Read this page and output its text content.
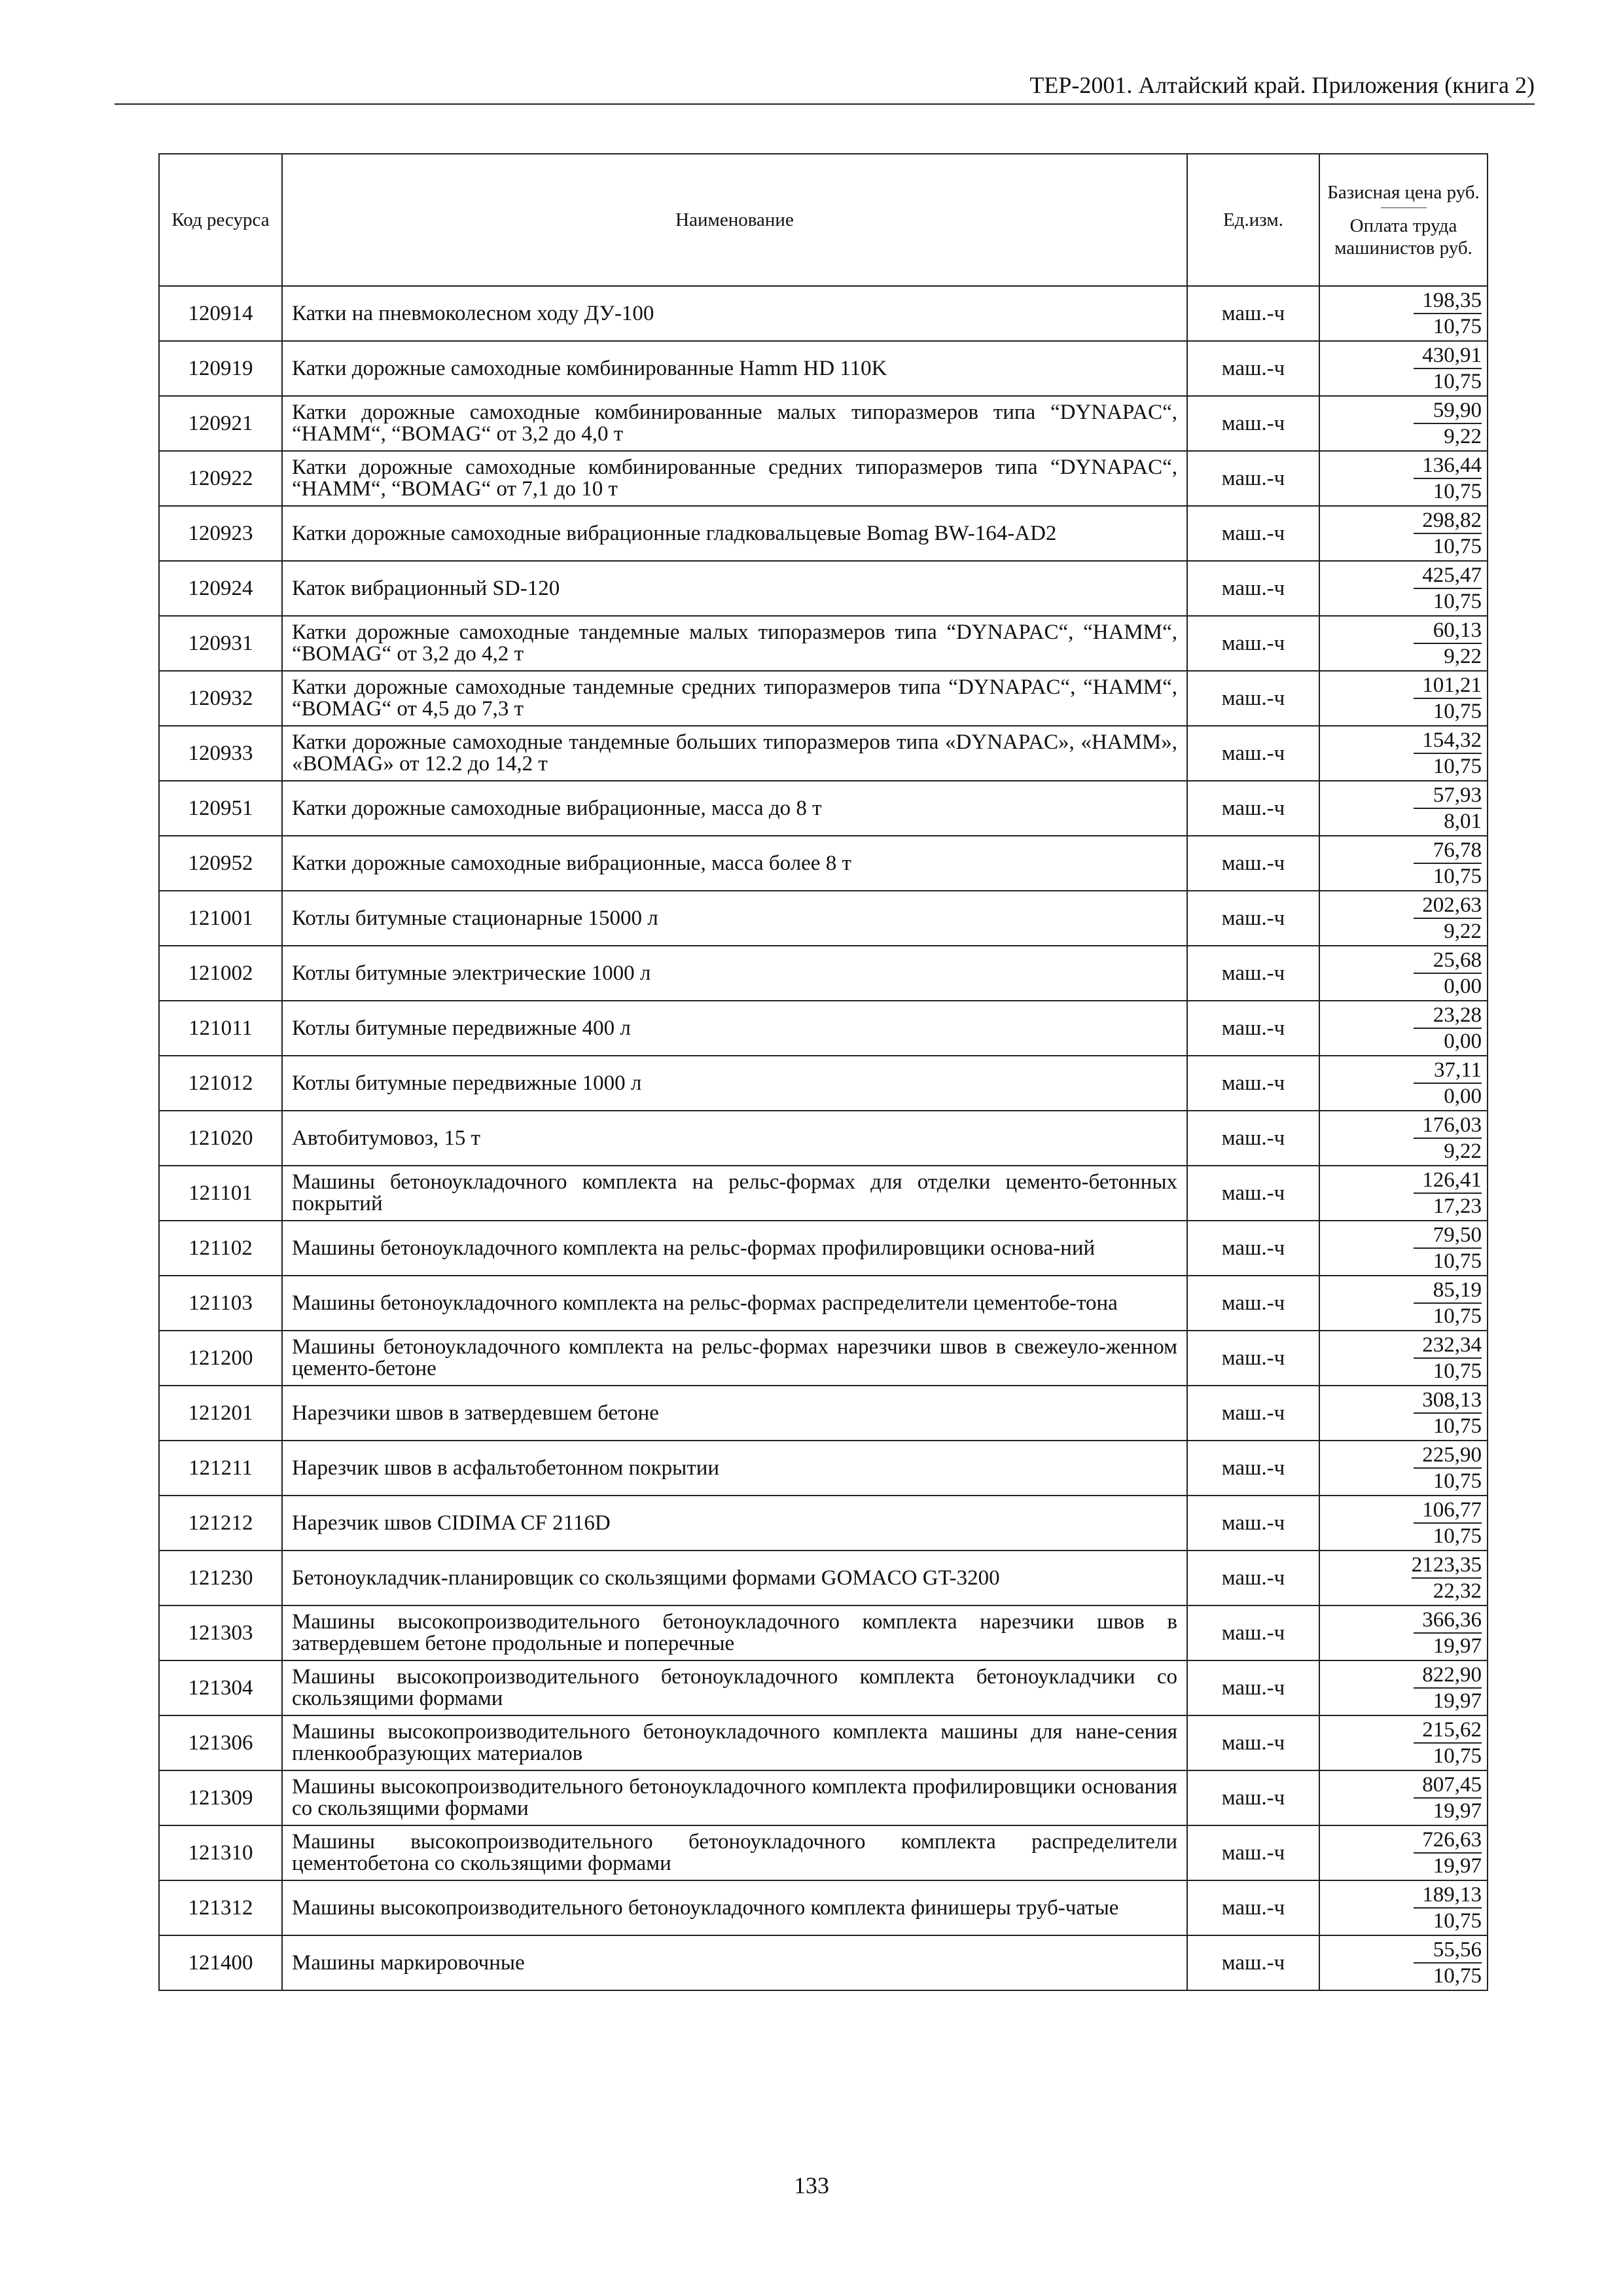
ТЕР-2001. Алтайский край. Приложения (книга 2)
Код ресурса	Наименование	Ед.изм.	Базисная цена руб.
Оплата труда машинистов руб.

120914	Катки на пневмоколесном ходу ДУ-100	маш.-ч	198,35
10,75

120919	Катки дорожные самоходные комбинированные Hamm HD 110K	маш.-ч	430,91
10,75

120921	Катки дорожные самоходные комбинированные малых типоразмеров типа “DYNAPAC“, “HAMM“, “BOMAG“ от 3,2 до 4,0 т	маш.-ч	59,90
9,22

120922	Катки дорожные самоходные комбинированные средних типоразмеров типа “DYNAPAC“, “HAMM“, “BOMAG“ от 7,1 до 10 т	маш.-ч	136,44
10,75

120923	Катки дорожные самоходные вибрационные гладковальцевые Bomag BW-164-AD2	маш.-ч	298,82
10,75

120924	Каток вибрационный SD-120	маш.-ч	425,47
10,75

120931	Катки дорожные самоходные тандемные малых типоразмеров типа “DYNAPAC“, “HAMM“, “BOMAG“ от 3,2 до 4,2 т	маш.-ч	60,13
9,22

120932	Катки дорожные самоходные тандемные средних типоразмеров типа “DYNAPAC“, “HAMM“, “BOMAG“ от 4,5 до 7,3 т	маш.-ч	101,21
10,75

120933	Катки дорожные самоходные тандемные больших типоразмеров типа «DYNAPAC», «HAMM», «BOMAG» от 12.2 до 14,2 т	маш.-ч	154,32
10,75

120951	Катки дорожные самоходные вибрационные, масса до 8 т	маш.-ч	57,93
8,01

120952	Катки дорожные самоходные вибрационные, масса более 8 т	маш.-ч	76,78
10,75

121001	Котлы битумные стационарные 15000 л	маш.-ч	202,63
9,22

121002	Котлы битумные электрические 1000 л	маш.-ч	25,68
0,00

121011	Котлы битумные передвижные 400 л	маш.-ч	23,28
0,00

121012	Котлы битумные передвижные 1000 л	маш.-ч	37,11
0,00

121020	Автобитумовоз, 15 т	маш.-ч	176,03
9,22

121101	Машины бетоноукладочного комплекта на рельс-формах для отделки цементо-бетонных покрытий	маш.-ч	126,41
17,23

121102	Машины бетоноукладочного комплекта на рельс-формах профилировщики основа-ний	маш.-ч	79,50
10,75

121103	Машины бетоноукладочного комплекта на рельс-формах распределители цементобе-тона	маш.-ч	85,19
10,75

121200	Машины бетоноукладочного комплекта на рельс-формах нарезчики швов в свежеуло-женном цементо-бетоне	маш.-ч	232,34
10,75

121201	Нарезчики швов в затвердевшем бетоне	маш.-ч	308,13
10,75

121211	Нарезчик швов в асфальтобетонном покрытии	маш.-ч	225,90
10,75

121212	Нарезчик швов CIDIMA CF 2116D	маш.-ч	106,77
10,75

121230	Бетоноукладчик-планировщик со скользящими формами GOMACO GT-3200	маш.-ч	2123,35
22,32

121303	Машины высокопроизводительного бетоноукладочного комплекта нарезчики швов в затвердевшем бетоне продольные и поперечные	маш.-ч	366,36
19,97

121304	Машины высокопроизводительного бетоноукладочного комплекта бетоноукладчики со скользящими формами	маш.-ч	822,90
19,97

121306	Машины высокопроизводительного бетоноукладочного комплекта машины для нане-сения пленкообразующих материалов	маш.-ч	215,62
10,75

121309	Машины высокопроизводительного бетоноукладочного комплекта профилировщики основания со скользящими формами	маш.-ч	807,45
19,97

121310	Машины высокопроизводительного бетоноукладочного комплекта распределители цементобетона со скользящими формами	маш.-ч	726,63
19,97

121312	Машины высокопроизводительного бетоноукладочного комплекта финишеры труб-чатые	маш.-ч	189,13
10,75

121400	Машины маркировочные	маш.-ч	55,56
10,75
133
